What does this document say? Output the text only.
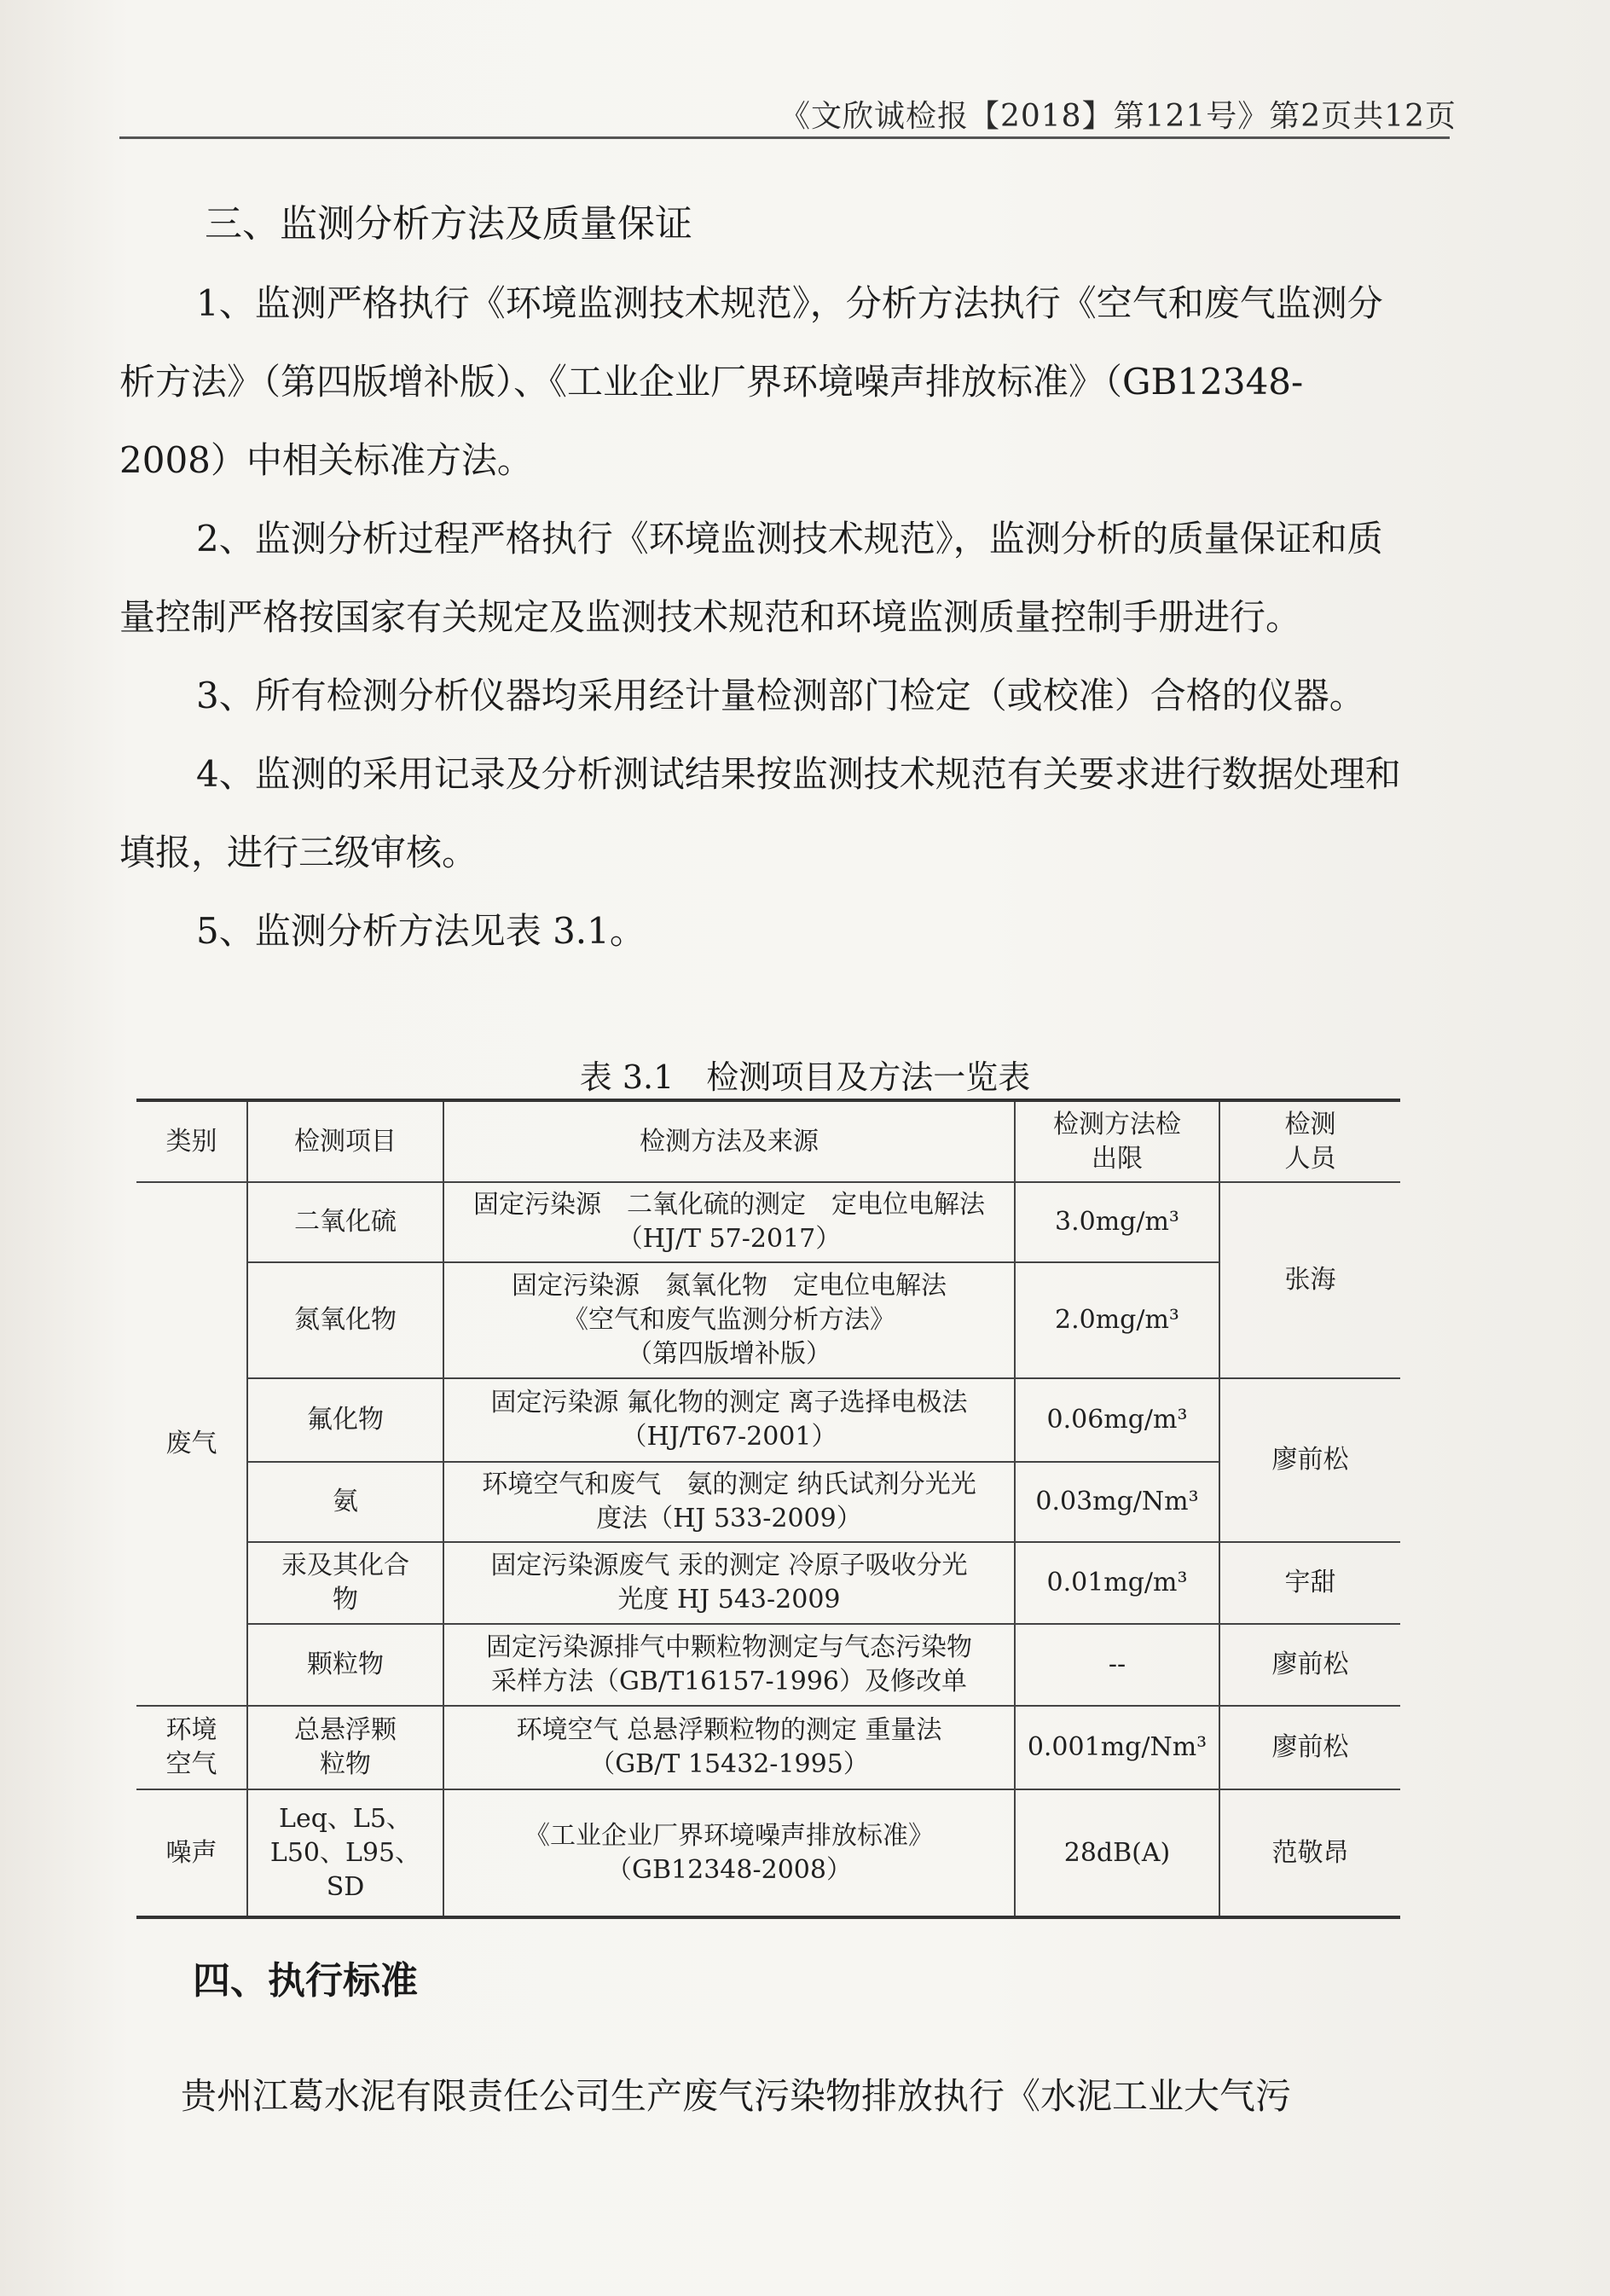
《文欣诚检报【2018】第121号》第2页共12页
三、监测分析方法及质量保证

1、监测严格执行《环境监测技术规范》，分析方法执行《空气和废气监测分析方法》（第四版增补版）、《工业企业厂界环境噪声排放标准》（GB12348-2008）中相关标准方法。

2、监测分析过程严格执行《环境监测技术规范》，监测分析的质量保证和质量控制严格按国家有关规定及监测技术规范和环境监测质量控制手册进行。

3、所有检测分析仪器均采用经计量检测部门检定（或校准）合格的仪器。

4、监测的采用记录及分析测试结果按监测技术规范有关要求进行数据处理和填报，进行三级审核。

5、监测分析方法见表 3.1。

表 3.1　检测项目及方法一览表
类别	检测项目	检测方法及来源	检测方法检
出限	检测
人员

废气	二氧化硫	固定污染源　二氧化硫的测定　定电位电解法
（HJ/T 57-2017）	3.0mg/m³	张海
	氮氧化物	固定污染源　氮氧化物　定电位电解法
《空气和废气监测分析方法》
（第四版增补版）	2.0mg/m³	
	氟化物	固定污染源 氟化物的测定 离子选择电极法
（HJ/T67-2001）	0.06mg/m³	廖前松
	氨	环境空气和废气　氨的测定 纳氏试剂分光光
度法（HJ 533-2009）	0.03mg/Nm³	

	汞及其化合
物	固定污染源废气 汞的测定 冷原子吸收分光
光度 HJ 543-2009	0.01mg/m³	宇甜
	颗粒物	固定污染源排气中颗粒物测定与气态污染物
采样方法（GB/T16157-1996）及修改单	--	廖前松

环境
空气	总悬浮颗
粒物	环境空气 总悬浮颗粒物的测定 重量法
（GB/T 15432-1995）	0.001mg/Nm³	廖前松
噪声	Leq、L5、
L50、L95、
SD	《工业企业厂界环境噪声排放标准》
（GB12348-2008）	28dB(A)	范敬昂
四、执行标准

贵州江葛水泥有限责任公司生产废气污染物排放执行《水泥工业大气污
